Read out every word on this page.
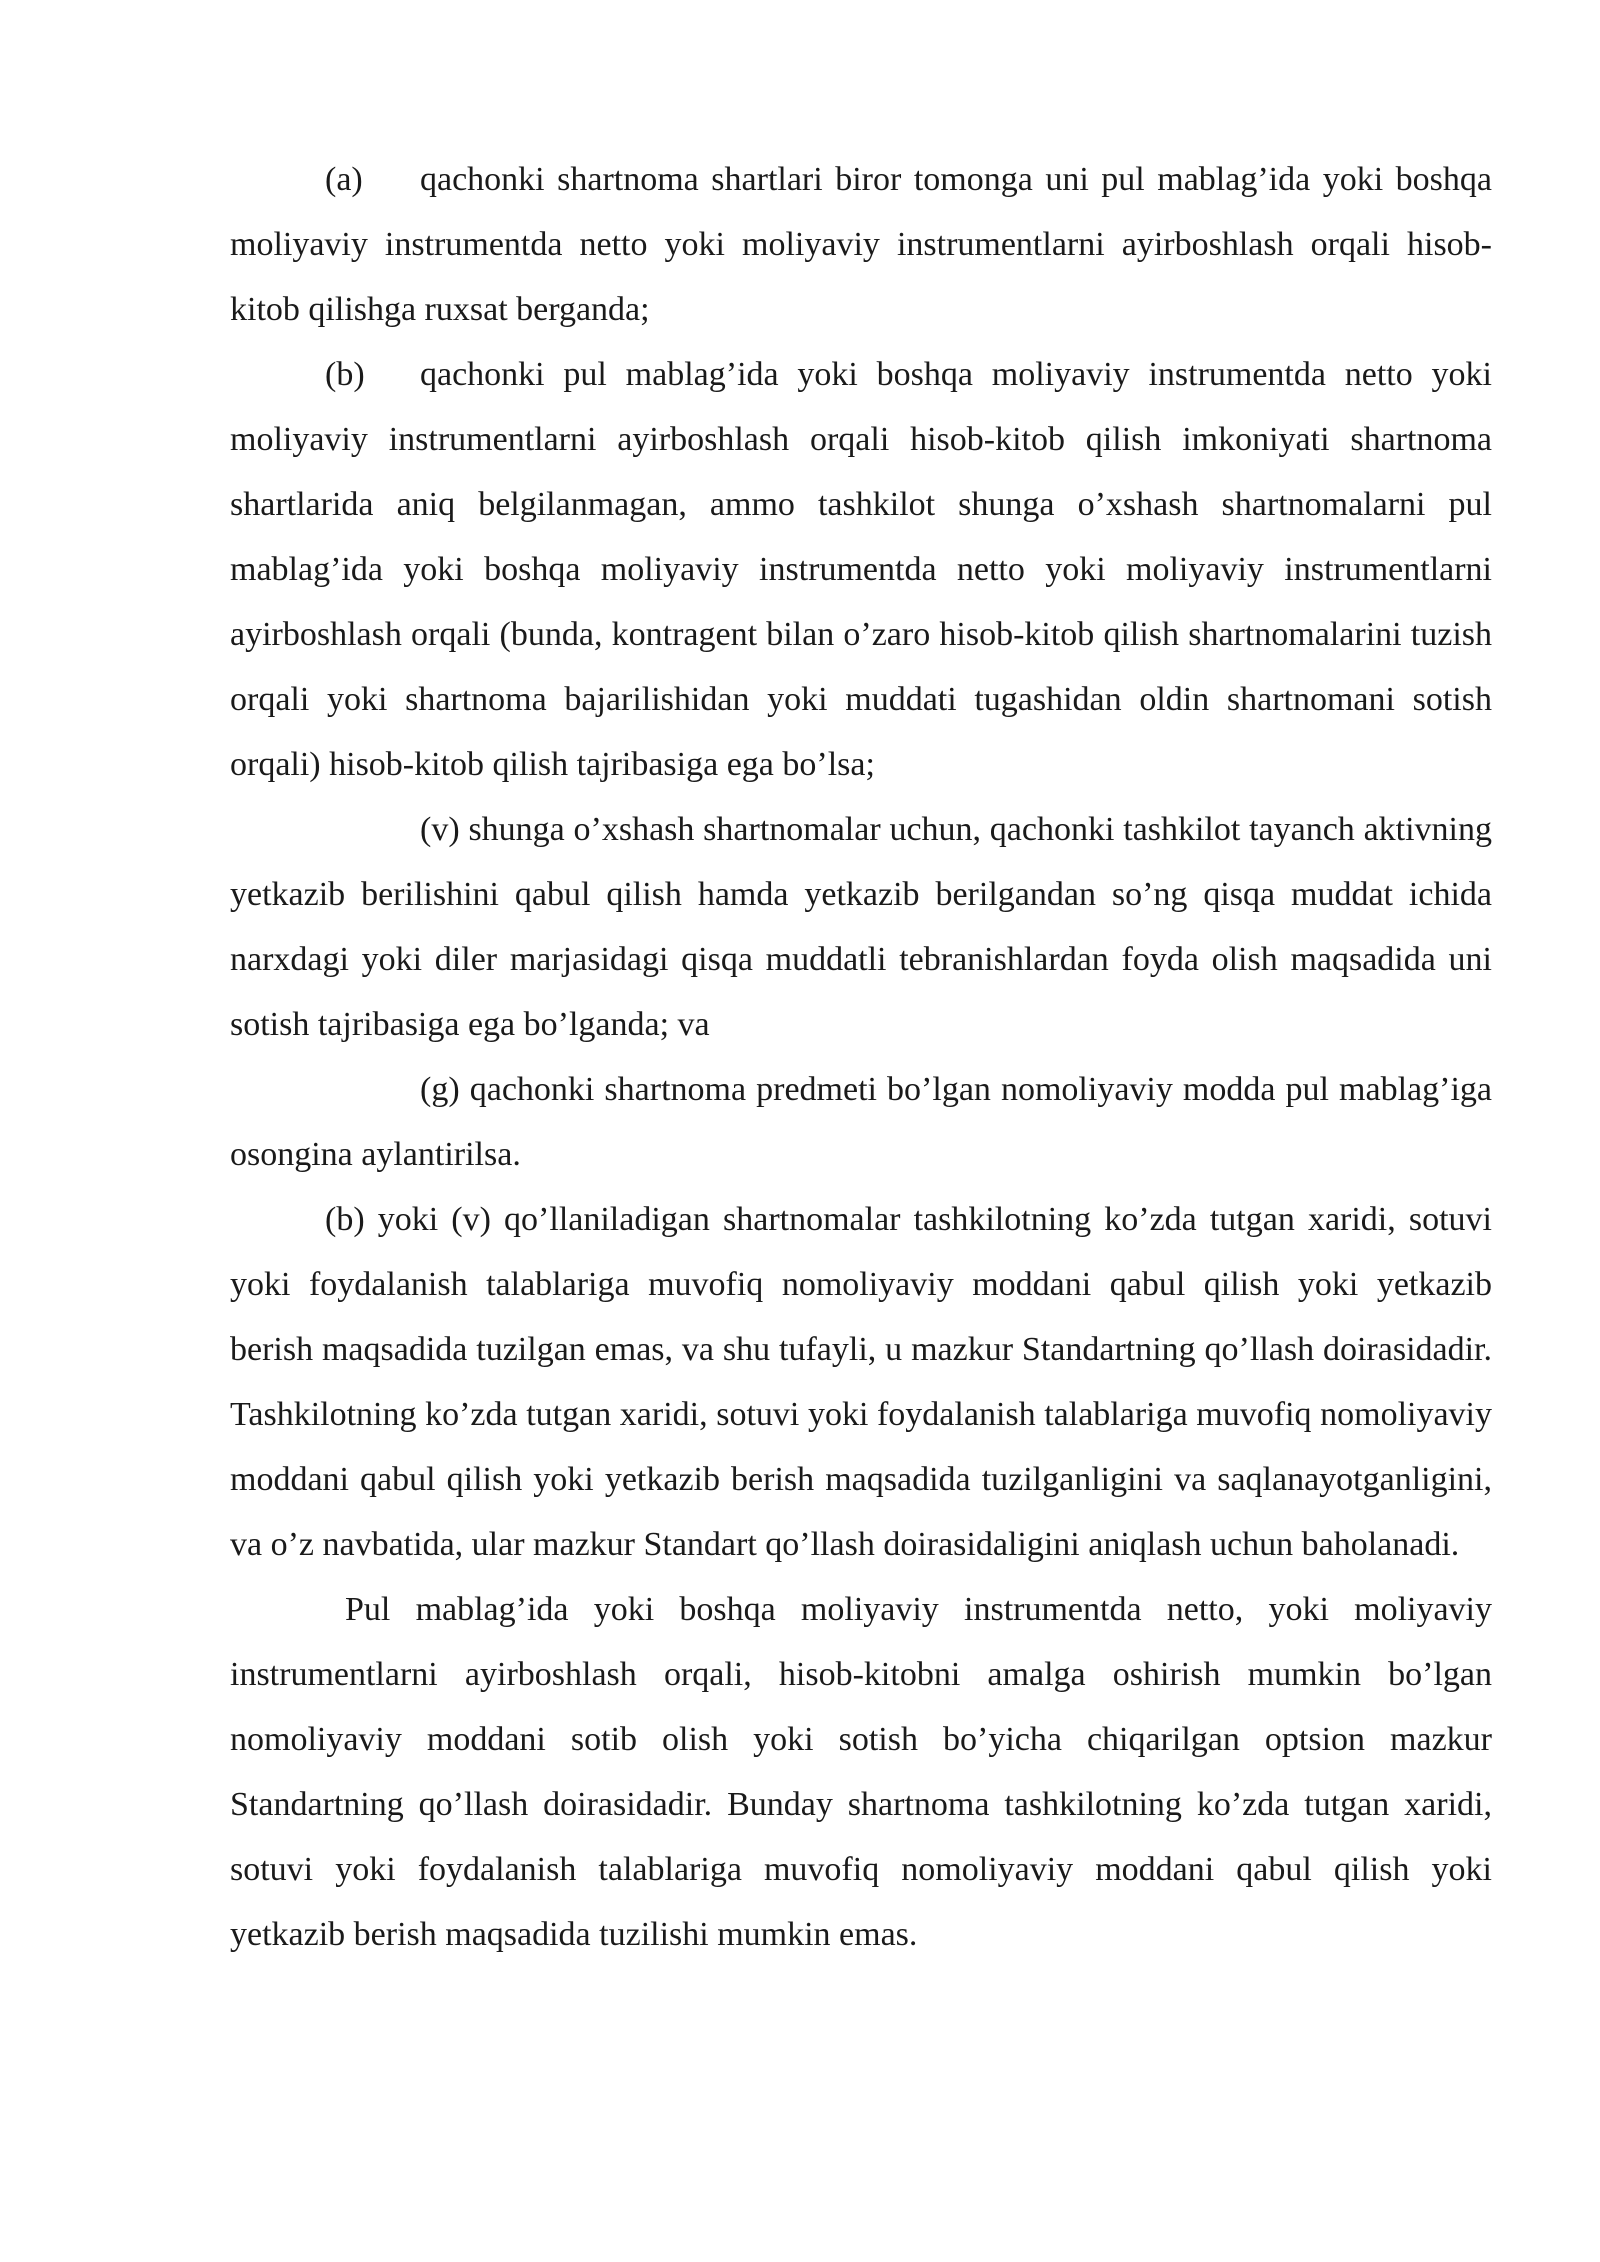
(a) qachonki shartnoma shartlari biror tomonga uni pul mablag’ida yoki boshqa moliyaviy instrumentda netto yoki moliyaviy instrumentlarni ayirboshlash orqali hisob-kitob qilishga ruxsat berganda;

(b) qachonki pul mablag’ida yoki boshqa moliyaviy instrumentda netto yoki moliyaviy instrumentlarni ayirboshlash orqali hisob-kitob qilish imkoniyati shartnoma shartlarida aniq belgilanmagan, ammo tashkilot shunga o’xshash shartnomalarni pul mablag’ida yoki boshqa moliyaviy instrumentda netto yoki moliyaviy instrumentlarni ayirboshlash orqali (bunda, kontragent bilan o’zaro hisob-kitob qilish shartnomalarini tuzish orqali yoki shartnoma bajarilishidan yoki muddati tugashidan oldin shartnomani sotish orqali) hisob-kitob qilish tajribasiga ega bo’lsa;

(v) shunga o’xshash shartnomalar uchun, qachonki tashkilot tayanch aktivning yetkazib berilishini qabul qilish hamda yetkazib berilgandan so’ng qisqa muddat ichida narxdagi yoki diler marjasidagi qisqa muddatli tebranishlardan foyda olish maqsadida uni sotish tajribasiga ega bo’lganda; va

(g) qachonki shartnoma predmeti bo’lgan nomoliyaviy modda pul mablag’iga osongina aylantirilsa.

(b) yoki (v) qo’llaniladigan shartnomalar tashkilotning ko’zda tutgan xaridi, sotuvi yoki foydalanish talablariga muvofiq nomoliyaviy moddani qabul qilish yoki yetkazib berish maqsadida tuzilgan emas, va shu tufayli, u mazkur Standartning qo’llash doirasidadir. Tashkilotning ko’zda tutgan xaridi, sotuvi yoki foydalanish talablariga muvofiq nomoliyaviy moddani qabul qilish yoki yetkazib berish maqsadida tuzilganligini va saqlanayotganligini, va o’z navbatida, ular mazkur Standart qo’llash doirasidaligini aniqlash uchun baholanadi.

Pul mablag’ida yoki boshqa moliyaviy instrumentda netto, yoki moliyaviy instrumentlarni ayirboshlash orqali, hisob-kitobni amalga oshirish mumkin bo’lgan nomoliyaviy moddani sotib olish yoki sotish bo’yicha chiqarilgan optsion mazkur Standartning qo’llash doirasidadir. Bunday shartnoma tashkilotning ko’zda tutgan xaridi, sotuvi yoki foydalanish talablariga muvofiq nomoliyaviy moddani qabul qilish yoki yetkazib berish maqsadida tuzilishi mumkin emas.
